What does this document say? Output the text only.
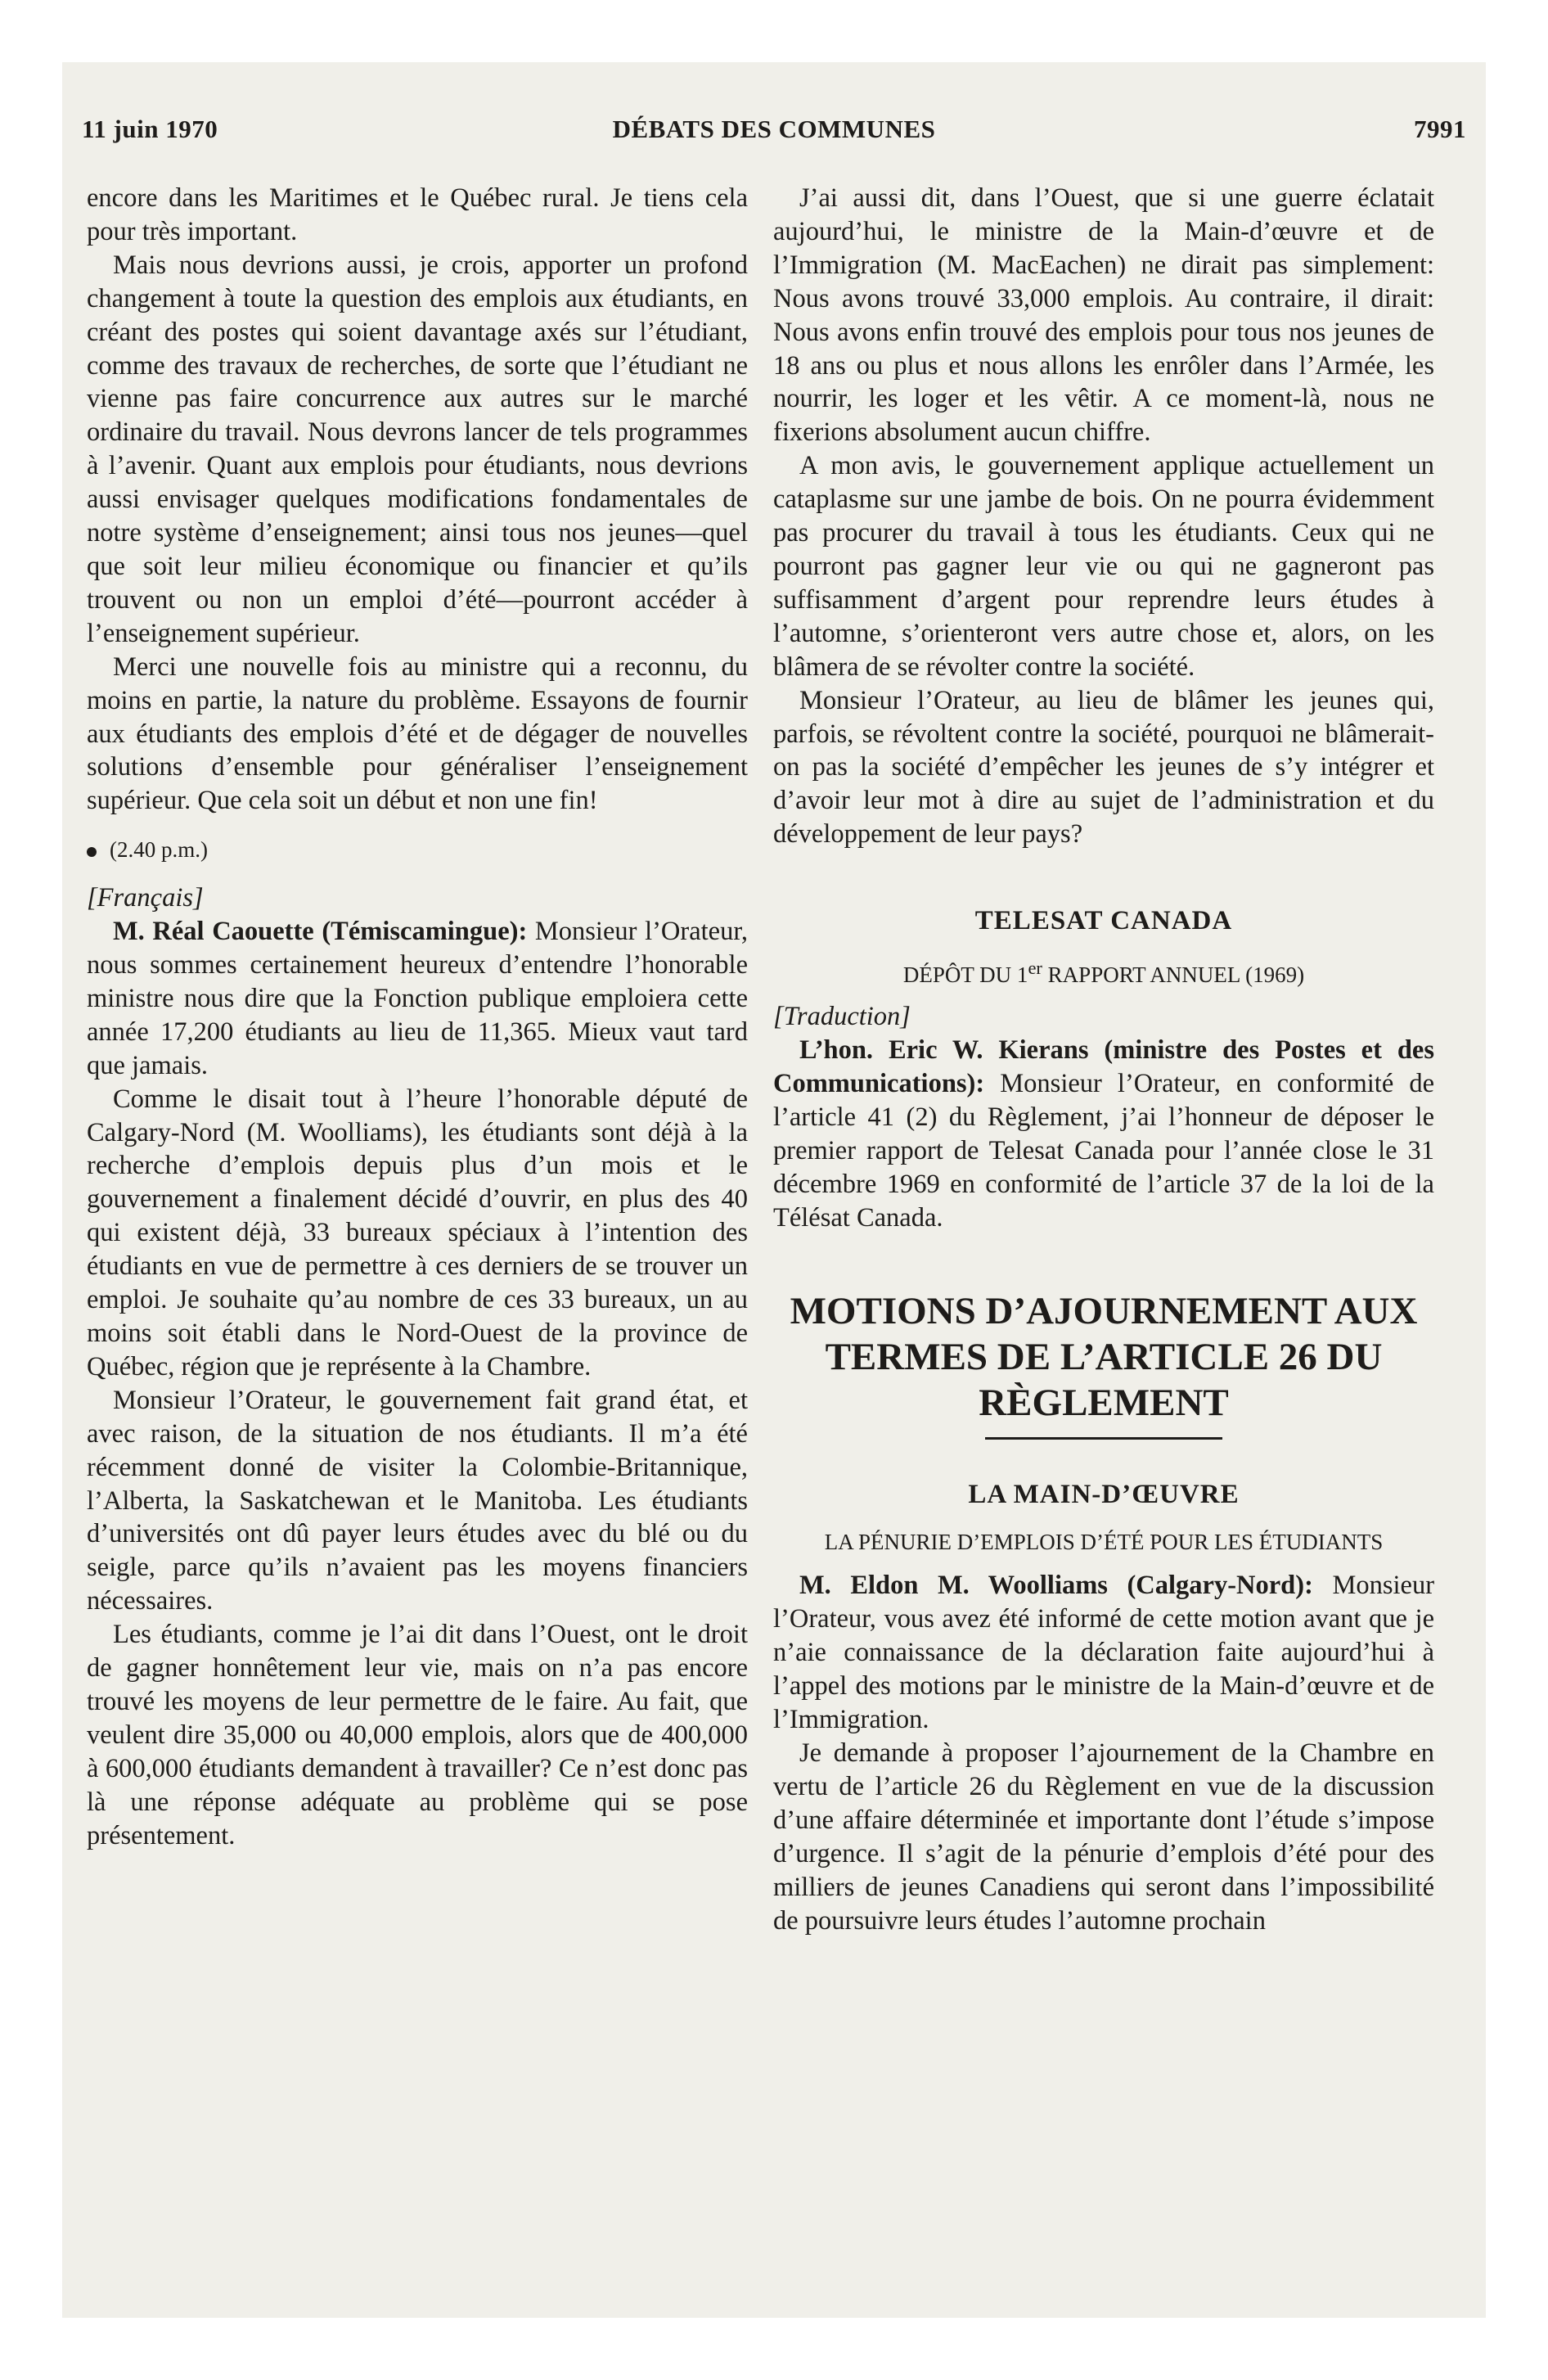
11 juin 1970	DÉBATS DES COMMUNES	7991

encore dans les Maritimes et le Québec rural. Je tiens cela pour très important.

Mais nous devrions aussi, je crois, apporter un profond changement à toute la question des emplois aux étudiants, en créant des postes qui soient davantage axés sur l’étudiant, comme des travaux de recherches, de sorte que l’étudiant ne vienne pas faire concurrence aux autres sur le marché ordinaire du travail. Nous devrons lancer de tels programmes à l’avenir. Quant aux emplois pour étudiants, nous devrions aussi envisager quelques modifications fondamentales de notre système d’enseignement; ainsi tous nos jeunes—quel que soit leur milieu économique ou financier et qu’ils trouvent ou non un emploi d’été—pourront accéder à l’enseignement supérieur.

Merci une nouvelle fois au ministre qui a reconnu, du moins en partie, la nature du problème. Essayons de fournir aux étudiants des emplois d’été et de dégager de nouvelles solutions d’ensemble pour généraliser l’enseignement supérieur. Que cela soit un début et non une fin!

(2.40 p.m.)

[Français]

M. Réal Caouette (Témiscamingue): Monsieur l’Orateur, nous sommes certainement heureux d’entendre l’honorable ministre nous dire que la Fonction publique emploiera cette année 17,200 étudiants au lieu de 11,365. Mieux vaut tard que jamais.

Comme le disait tout à l’heure l’honorable député de Calgary-Nord (M. Woolliams), les étudiants sont déjà à la recherche d’emplois depuis plus d’un mois et le gouvernement a finalement décidé d’ouvrir, en plus des 40 qui existent déjà, 33 bureaux spéciaux à l’intention des étudiants en vue de permettre à ces derniers de se trouver un emploi. Je souhaite qu’au nombre de ces 33 bureaux, un au moins soit établi dans le Nord-Ouest de la province de Québec, région que je représente à la Chambre.

Monsieur l’Orateur, le gouvernement fait grand état, et avec raison, de la situation de nos étudiants. Il m’a été récemment donné de visiter la Colombie-Britannique, l’Alberta, la Saskatchewan et le Manitoba. Les étudiants d’universités ont dû payer leurs études avec du blé ou du seigle, parce qu’ils n’avaient pas les moyens financiers nécessaires.

Les étudiants, comme je l’ai dit dans l’Ouest, ont le droit de gagner honnêtement leur vie, mais on n’a pas encore trouvé les moyens de leur permettre de le faire. Au fait, que veulent dire 35,000 ou 40,000 emplois, alors que de 400,000 à 600,000 étudiants demandent à travailler? Ce n’est donc pas là une réponse adéquate au problème qui se pose présentement.

J’ai aussi dit, dans l’Ouest, que si une guerre éclatait aujourd’hui, le ministre de la Main-d’œuvre et de l’Immigration (M. MacEachen) ne dirait pas simplement: Nous avons trouvé 33,000 emplois. Au contraire, il dirait: Nous avons enfin trouvé des emplois pour tous nos jeunes de 18 ans ou plus et nous allons les enrôler dans l’Armée, les nourrir, les loger et les vêtir. A ce moment-là, nous ne fixerions absolument aucun chiffre.

A mon avis, le gouvernement applique actuellement un cataplasme sur une jambe de bois. On ne pourra évidemment pas procurer du travail à tous les étudiants. Ceux qui ne pourront pas gagner leur vie ou qui ne gagneront pas suffisamment d’argent pour reprendre leurs études à l’automne, s’orienteront vers autre chose et, alors, on les blâmera de se révolter contre la société.

Monsieur l’Orateur, au lieu de blâmer les jeunes qui, parfois, se révoltent contre la société, pourquoi ne blâmerait-on pas la société d’empêcher les jeunes de s’y intégrer et d’avoir leur mot à dire au sujet de l’administration et du développement de leur pays?

TELESAT CANADA
DÉPÔT DU 1er RAPPORT ANNUEL (1969)

[Traduction]

L’hon. Eric W. Kierans (ministre des Postes et des Communications): Monsieur l’Orateur, en conformité de l’article 41 (2) du Règlement, j’ai l’honneur de déposer le premier rapport de Telesat Canada pour l’année close le 31 décembre 1969 en conformité de l’article 37 de la loi de la Télésat Canada.

MOTIONS D’AJOURNEMENT AUX TERMES DE L’ARTICLE 26 DU RÈGLEMENT
LA MAIN-D’ŒUVRE
LA PÉNURIE D’EMPLOIS D’ÉTÉ POUR LES ÉTUDIANTS

M. Eldon M. Woolliams (Calgary-Nord): Monsieur l’Orateur, vous avez été informé de cette motion avant que je n’aie connaissance de la déclaration faite aujourd’hui à l’appel des motions par le ministre de la Main-d’œuvre et de l’Immigration.

Je demande à proposer l’ajournement de la Chambre en vertu de l’article 26 du Règlement en vue de la discussion d’une affaire déterminée et importante dont l’étude s’impose d’urgence. Il s’agit de la pénurie d’emplois d’été pour des milliers de jeunes Canadiens qui seront dans l’impossibilité de poursuivre leurs études l’automne prochain
